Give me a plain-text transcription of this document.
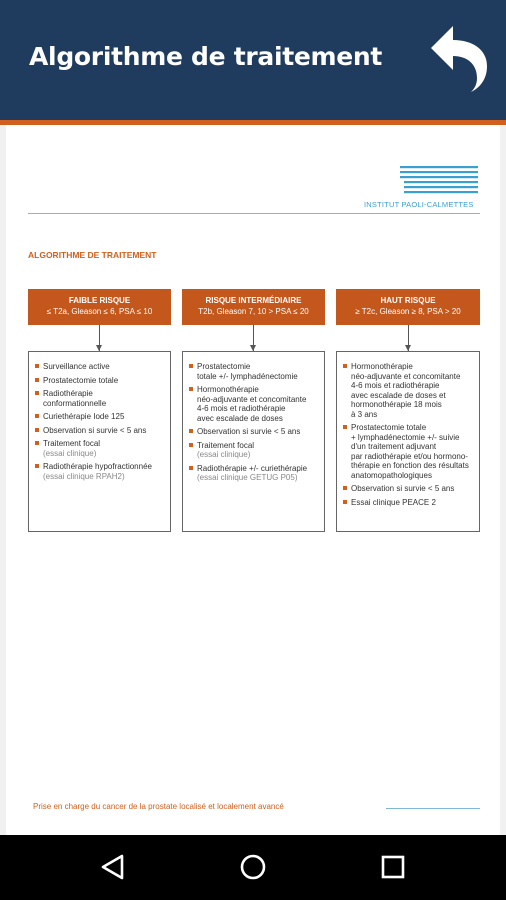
Algorithme de traitement
INSTITUT PAOLI-CALMETTES
ALGORITHME DE TRAITEMENT
FAIBLE RISQUE
≤ T2a, Gleason ≤ 6, PSA ≤ 10
Surveillance active
Prostatectomie totale
Radiothérapie
conformationnelle
Curiethérapie Iode 125
Observation si survie < 5 ans
Traitement focal
(essai clinique)
Radiothérapie hypofractionnée
(essai clinique RPAH2)
RISQUE INTERMÉDIAIRE
T2b, Gleason 7, 10 > PSA ≤ 20
Prostatectomie
totale +/- lymphadénectomie
Hormonothérapie
néo-adjuvante et concomitante
4-6 mois et radiothérapie
avec escalade de doses
Observation si survie < 5 ans
Traitement focal
(essai clinique)
Radiothérapie +/- curiethérapie
(essai clinique GETUG P05)
HAUT RISQUE
≥ T2c, Gleason ≥ 8, PSA > 20
Hormonothérapie
néo-adjuvante et concomitante
4-6 mois et radiothérapie
avec escalade de doses et
hormonothérapie 18 mois
à 3 ans
Prostatectomie totale
+ lymphadénectomie +/- suivie
d'un traitement adjuvant
par radiothérapie et/ou hormono-
thérapie en fonction des résultats
anatomopathologiques
Observation si survie < 5 ans
Essai clinique PEACE 2
Prise en charge du cancer de la prostate localisé et localement avancé
